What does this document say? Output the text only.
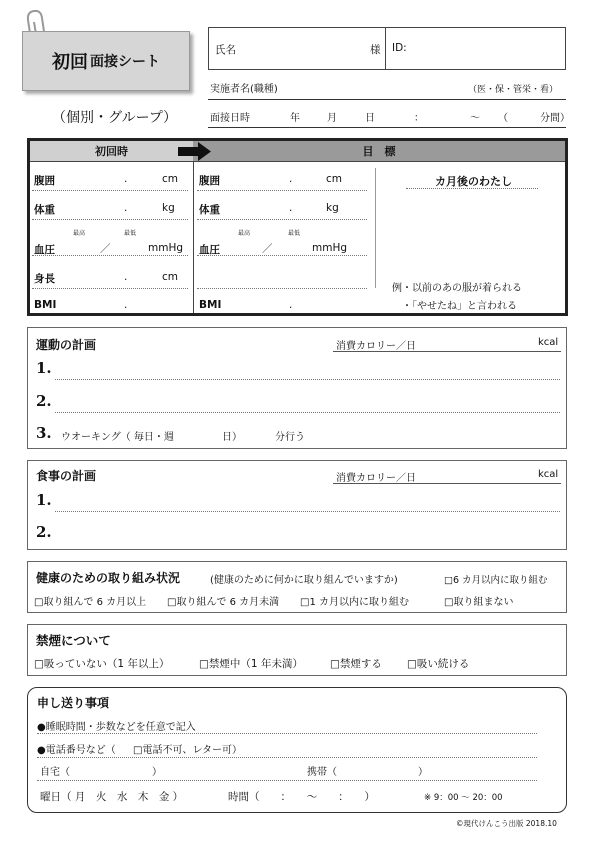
初回 面接シート
（個別・グループ）
氏名	様 ID:
実施者名(職種)	（医・保・管栄・看）
面接日時	年	月	日	：	～ （	分間）
初回時	目　標
腹囲	.	cm
体重	.	kg
最高	最低
血圧	／	mmHg
身長	.	cm
BMI	.
腹囲	.	cm
体重	.	kg
最高	最低
血圧	／	mmHg
BMI	.
カ月後のわたし
例・以前のあの服が着られる
・「やせたね」と言われる
運動の計画	消費カロリー／日	kcal
1.
2.
3. ウオーキング（ 毎日・週	日）	分行う
食事の計画	消費カロリー／日	kcal
1.
2.
健康のための取り組み状況	(健康のために何かに取り組んでいますか)	□ 6 カ月以内に取り組む
□ 取り組んで 6 カ月以上	□ 取り組んで 6 カ月未満	□ 1 カ月以内に取り組む	□ 取り組まない
禁煙について
□ 吸っていない（1 年以上）	□ 禁煙中（1 年未満）	□ 禁煙する	□ 吸い続ける
申し送り事項
●睡眠時間・歩数などを任意で記入
●電話番号など（	□ 電話不可、レター可）
自宅（	）	携帯（	）
曜日（ 月　火　水　木　金 ）	時間（　　：　　～　　：　　）	※ 9：00 ～ 20：00
©現代けんこう出版 2018.10
